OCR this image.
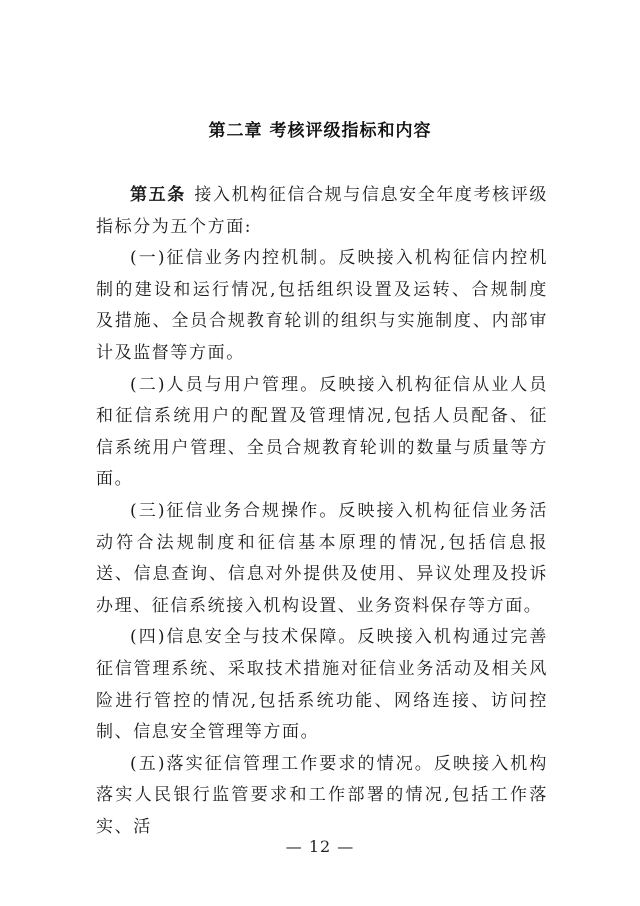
第二章 考核评级指标和内容

第五条 接入机构征信合规与信息安全年度考核评级指标分为五个方面:

(一)征信业务内控机制。反映接入机构征信内控机制的建设和运行情况,包括组织设置及运转、合规制度及措施、全员合规教育轮训的组织与实施制度、内部审计及监督等方面。

(二)人员与用户管理。反映接入机构征信从业人员和征信系统用户的配置及管理情况,包括人员配备、征信系统用户管理、全员合规教育轮训的数量与质量等方面。

(三)征信业务合规操作。反映接入机构征信业务活动符合法规制度和征信基本原理的情况,包括信息报送、信息查询、信息对外提供及使用、异议处理及投诉办理、征信系统接入机构设置、业务资料保存等方面。

(四)信息安全与技术保障。反映接入机构通过完善征信管理系统、采取技术措施对征信业务活动及相关风险进行管控的情况,包括系统功能、网络连接、访问控制、信息安全管理等方面。

(五)落实征信管理工作要求的情况。反映接入机构落实人民银行监管要求和工作部署的情况,包括工作落实、活

— 12 —
